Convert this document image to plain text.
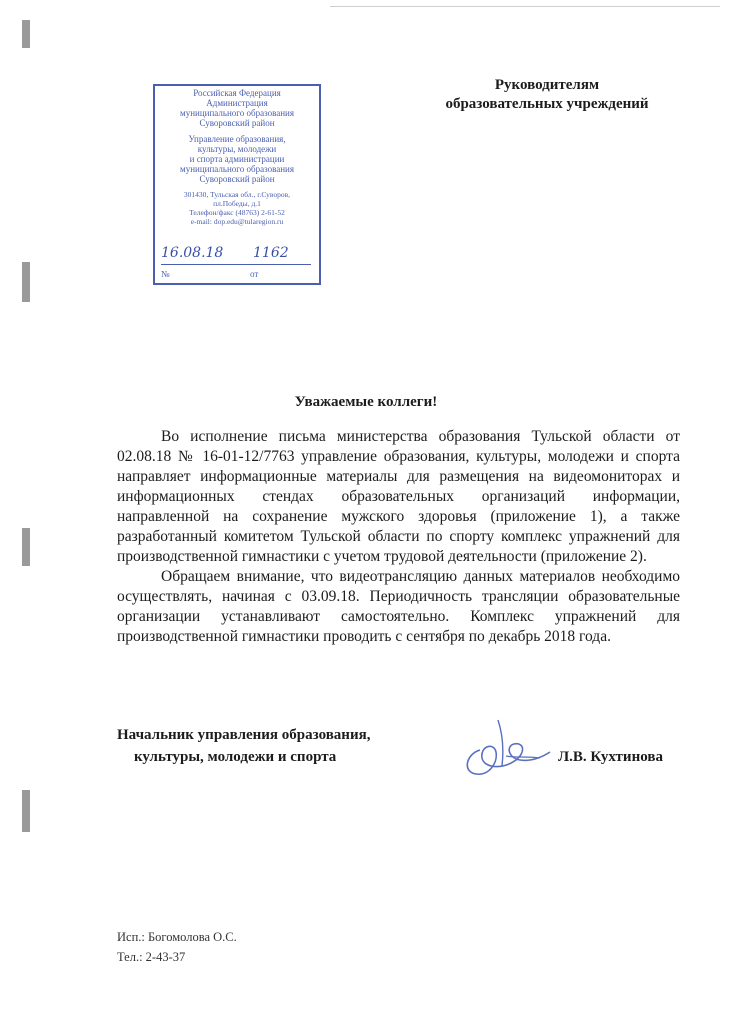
Российская Федерация
Администрация
муниципального образования
Суворовский район
Управление образования,
культуры, молодежи
и спорта администрации
муниципального образования
Суворовский район
301430, Тульская обл., г.Суворов,
пл.Победы, д.1
Телефон/факс (48763) 2-61-52
e-mail: dop.edu@tularegion.ru
16.08.18 1162
№	от
Руководителям
образовательных учреждений
Уважаемые коллеги!

Во исполнение письма министерства образования Тульской области от 02.08.18 № 16-01-12/7763 управление образования, культуры, молодежи и спорта направляет информационные материалы для размещения на видеомониторах и информационных стендах образовательных организаций информации, направленной на сохранение мужского здоровья (приложение 1), а также разработанный комитетом Тульской области по спорту комплекс упражнений для производственной гимнастики с учетом трудовой деятельности (приложение 2).

Обращаем внимание, что видеотрансляцию данных материалов необходимо осуществлять, начиная с 03.09.18. Периодичность трансляции образовательные организации устанавливают самостоятельно. Комплекс упражнений для производственной гимнастики проводить с сентября по декабрь 2018 года.

Начальник управления образования,
культуры, молодежи и спорта	Л.В. Кухтинова
Исп.: Богомолова О.С.
Тел.: 2-43-37
